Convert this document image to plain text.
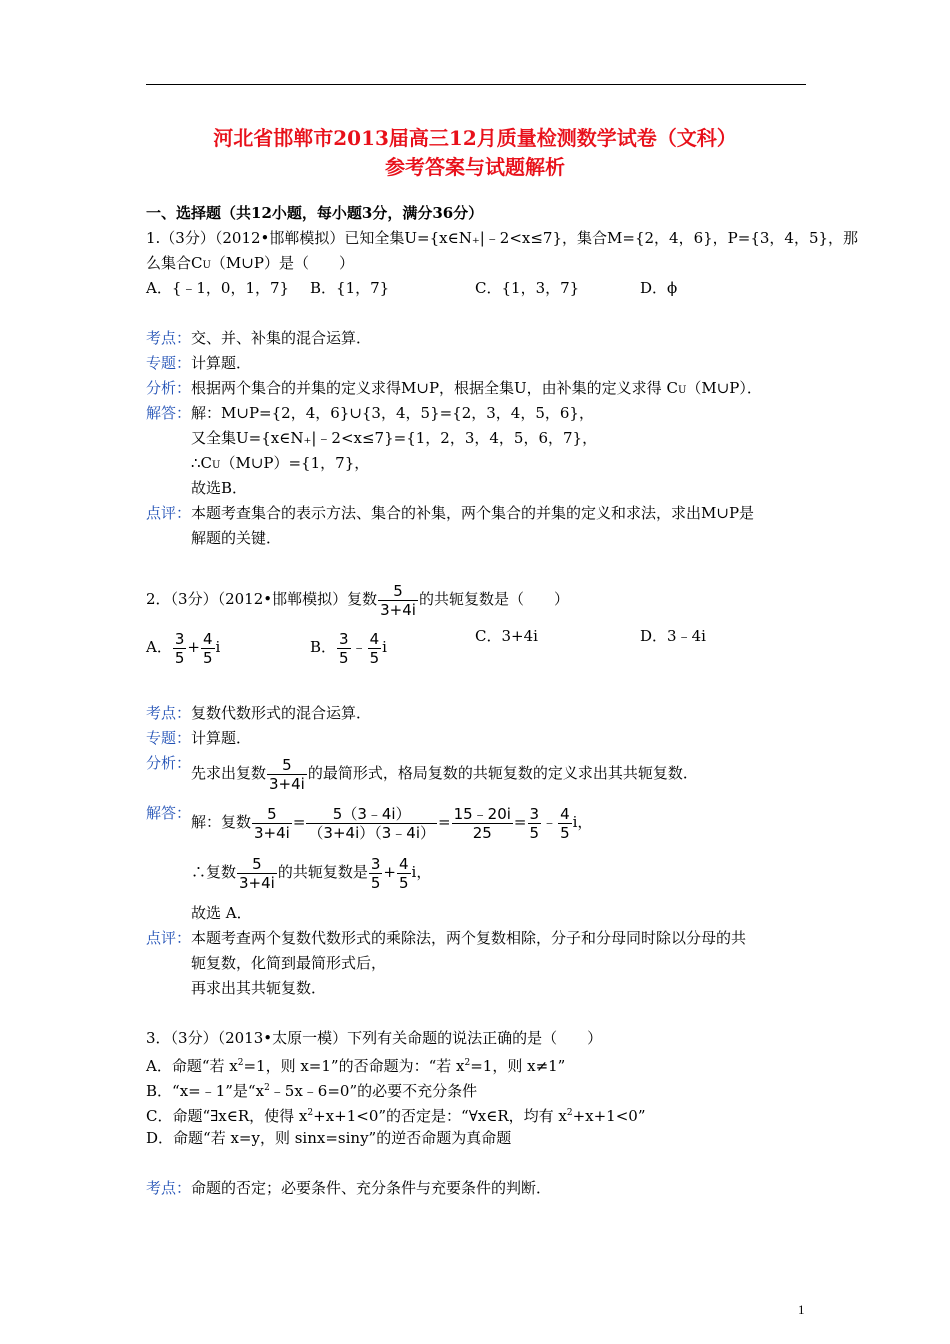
河北省邯郸市2013届高三12月质量检测数学试卷（文科）
参考答案与试题解析
一、选择题（共12小题，每小题3分，满分36分）
1.（3分）（2012•邯郸模拟）已知全集U={x∈N₊|﹣2<x≤7}，集合M={2，4，6}，P={3，4，5}，那
么集合CU（M∪P）是（　　）
A．{﹣1，0，1，7} B．{1，7}	C．{1，3，7}	D．ϕ
考点：交、并、补集的混合运算．
专题：计算题．
分析：根据两个集合的并集的定义求得M∪P，根据全集U，由补集的定义求得 CU（M∪P）．
解答：解：M∪P={2，4，6}∪{3，4，5}={2，3，4，5，6}，
又全集U={x∈N₊|﹣2<x≤7}={1，2，3，4，5，6，7}，
∴CU（M∪P）={1，7}，
故选B．
点评：本题考查集合的表示方法、集合的补集，两个集合的并集的定义和求法，求出M∪P是
解题的关键．
2．（3分）（2012•邯郸模拟）复数 $\frac{5}{3+4i}$ 的共轭复数是（　　）
A． $\frac{3}{5} + \frac{4}{5}$ i	B． $\frac{3}{5}$ ﹣ $\frac{4}{5}$ i
C．3+4i	D．3﹣4i
考点：复数代数形式的混合运算．
专题：计算题．
分析：
先求出复数 $\frac{5}{3+4i}$ 的最简形式，格局复数的共轭复数的定义求出其共轭复数．
解答： 解：复数 $\frac{5}{3+4i} = \frac{5(3﹣4i)}{(3+4i)(3﹣4i)} = \frac{15﹣20i}{25} = \frac{3}{5}$ ﹣ $\frac{4}{5}$ i，
∴复数 $\frac{5}{3+4i}$ 的共轭复数是 $\frac{3}{5} + \frac{4}{5}$ i，
故选 A．
点评：本题考查两个复数代数形式的乘除法，两个复数相除，分子和分母同时除以分母的共
轭复数，化简到最简形式后，
再求出其共轭复数．
3．（3分）（2013•太原一模）下列有关命题的说法正确的是（　　）
A．命题“若 $x^2=1$，则 x=1”的否命题为：“若 $x^2=1$，则 x≠1”
B．“x=﹣1”是“$x^2﹣5x﹣6=0$”的必要不充分条件
C．命题“∃x∈R，使得 $x^2+x+1<0$”的否定是：“∀x∈R，均有 $x^2+x+1<0$”
D．命题“若 x=y，则 sinx=siny”的逆否命题为真命题
考点：命题的否定；必要条件、充分条件与充要条件的判断．
1
